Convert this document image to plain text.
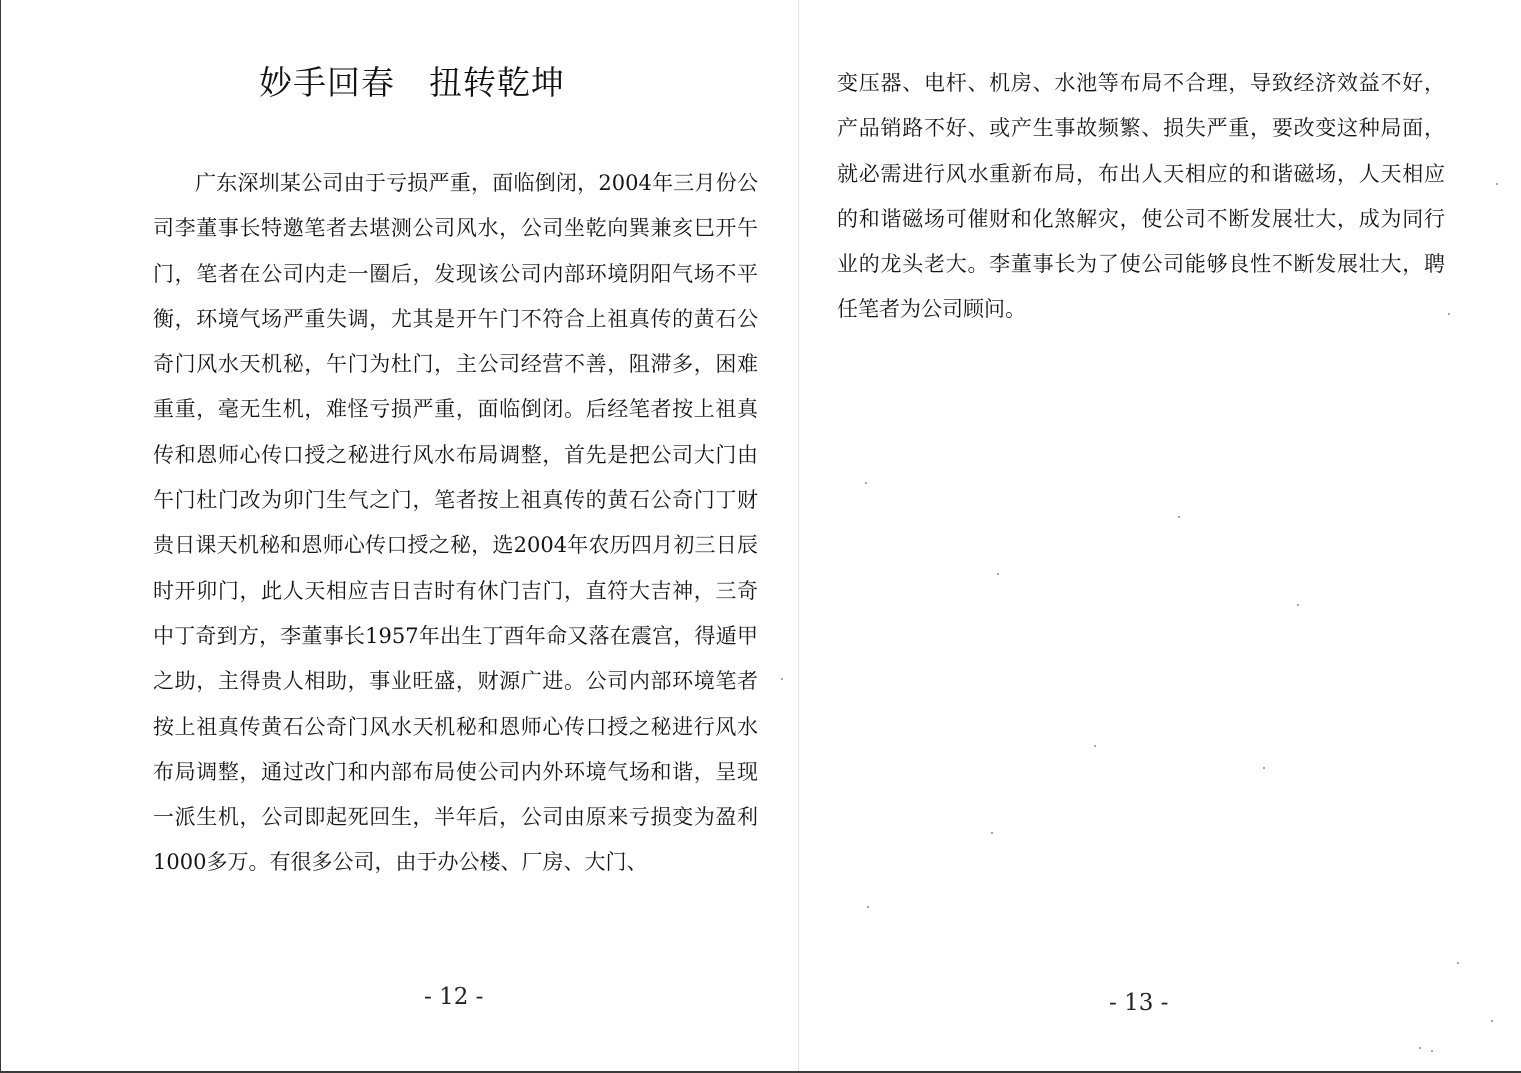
妙手回春　扭转乾坤

广东深圳某公司由于亏损严重，面临倒闭，2004年三月份公司李董事长特邀笔者去堪测公司风水，公司坐乾向巽兼亥巳开午门，笔者在公司内走一圈后，发现该公司内部环境阴阳气场不平衡，环境气场严重失调，尤其是开午门不符合上祖真传的黄石公奇门风水天机秘，午门为杜门，主公司经营不善，阻滞多，困难重重，毫无生机，难怪亏损严重，面临倒闭。后经笔者按上祖真传和恩师心传口授之秘进行风水布局调整，首先是把公司大门由午门杜门改为卯门生气之门，笔者按上祖真传的黄石公奇门丁财贵日课天机秘和恩师心传口授之秘，选2004年农历四月初三日辰时开卯门，此人天相应吉日吉时有休门吉门，直符大吉神，三奇中丁奇到方，李董事长1957年出生丁酉年命又落在震宫，得遁甲之助，主得贵人相助，事业旺盛，财源广进。公司内部环境笔者按上祖真传黄石公奇门风水天机秘和恩师心传口授之秘进行风水布局调整，通过改门和内部布局使公司内外环境气场和谐，呈现一派生机，公司即起死回生，半年后，公司由原来亏损变为盈利1000多万。有很多公司，由于办公楼、厂房、大门、

- 12 -

变压器、电杆、机房、水池等布局不合理，导致经济效益不好，产品销路不好、或产生事故频繁、损失严重，要改变这种局面，就必需进行风水重新布局，布出人天相应的和谐磁场，人天相应的和谐磁场可催财和化煞解灾，使公司不断发展壮大，成为同行业的龙头老大。李董事长为了使公司能够良性不断发展壮大，聘任笔者为公司顾问。

- 13 -
